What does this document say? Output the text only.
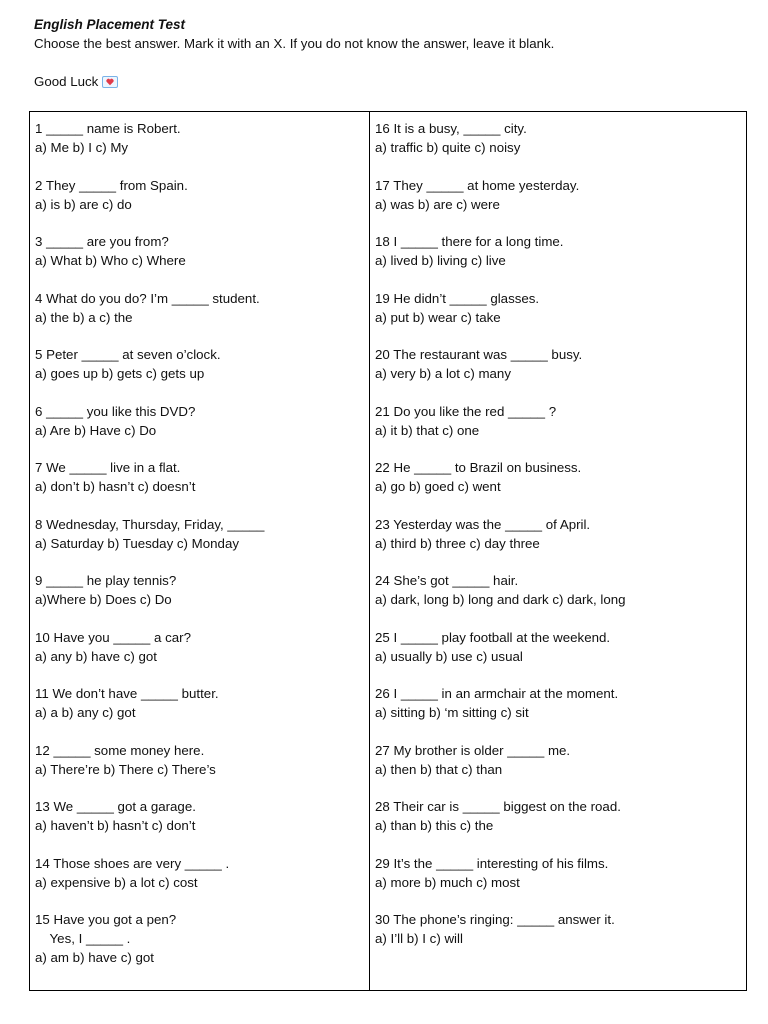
English Placement Test

Choose the best answer. Mark it with an X. If you do not know the answer, leave it blank.

Good Luck
1 _____ name is Robert.
a) Me b) I c) My
2 They _____ from Spain.
a) is b) are c) do
3 _____ are you from?
a) What b) Who c) Where
4 What do you do? I’m _____ student.
a) the b) a c) the
5 Peter _____ at seven o’clock.
a) goes up b) gets c) gets up
6 _____ you like this DVD?
a) Are b) Have c) Do
7 We _____ live in a flat.
a) don’t b) hasn’t c) doesn’t
8 Wednesday, Thursday, Friday, _____
a) Saturday b) Tuesday c) Monday
9 _____ he play tennis?
a)Where b) Does c) Do
10 Have you _____ a car?
a) any b) have c) got
11 We don’t have _____ butter.
a) a b) any c) got
12 _____ some money here.
a) There’re b) There c) There’s
13 We _____ got a garage.
a) haven’t b) hasn’t c) don’t
14 Those shoes are very _____ .
a) expensive b) a lot c) cost
15 Have you got a pen?
Yes, I _____ .
a) am b) have c) got
16 It is a busy, _____ city.
a) traffic b) quite c) noisy
17 They _____ at home yesterday.
a) was b) are c) were
18 I _____ there for a long time.
a) lived b) living c) live
19 He didn’t _____ glasses.
a) put b) wear c) take
20 The restaurant was _____ busy.
a) very b) a lot c) many
21 Do you like the red _____ ?
a) it b) that c) one
22 He _____ to Brazil on business.
a) go b) goed c) went
23 Yesterday was the _____ of April.
a) third b) three c) day three
24 She’s got _____ hair.
a) dark, long b) long and dark c) dark, long
25 I _____ play football at the weekend.
a) usually b) use c) usual
26 I _____ in an armchair at the moment.
a) sitting b) ‘m sitting c) sit
27 My brother is older _____ me.
a) then b) that c) than
28 Their car is _____ biggest on the road.
a) than b) this c) the
29 It’s the _____ interesting of his films.
a) more b) much c) most
30 The phone’s ringing: _____ answer it.
a) I’ll b) I c) will
